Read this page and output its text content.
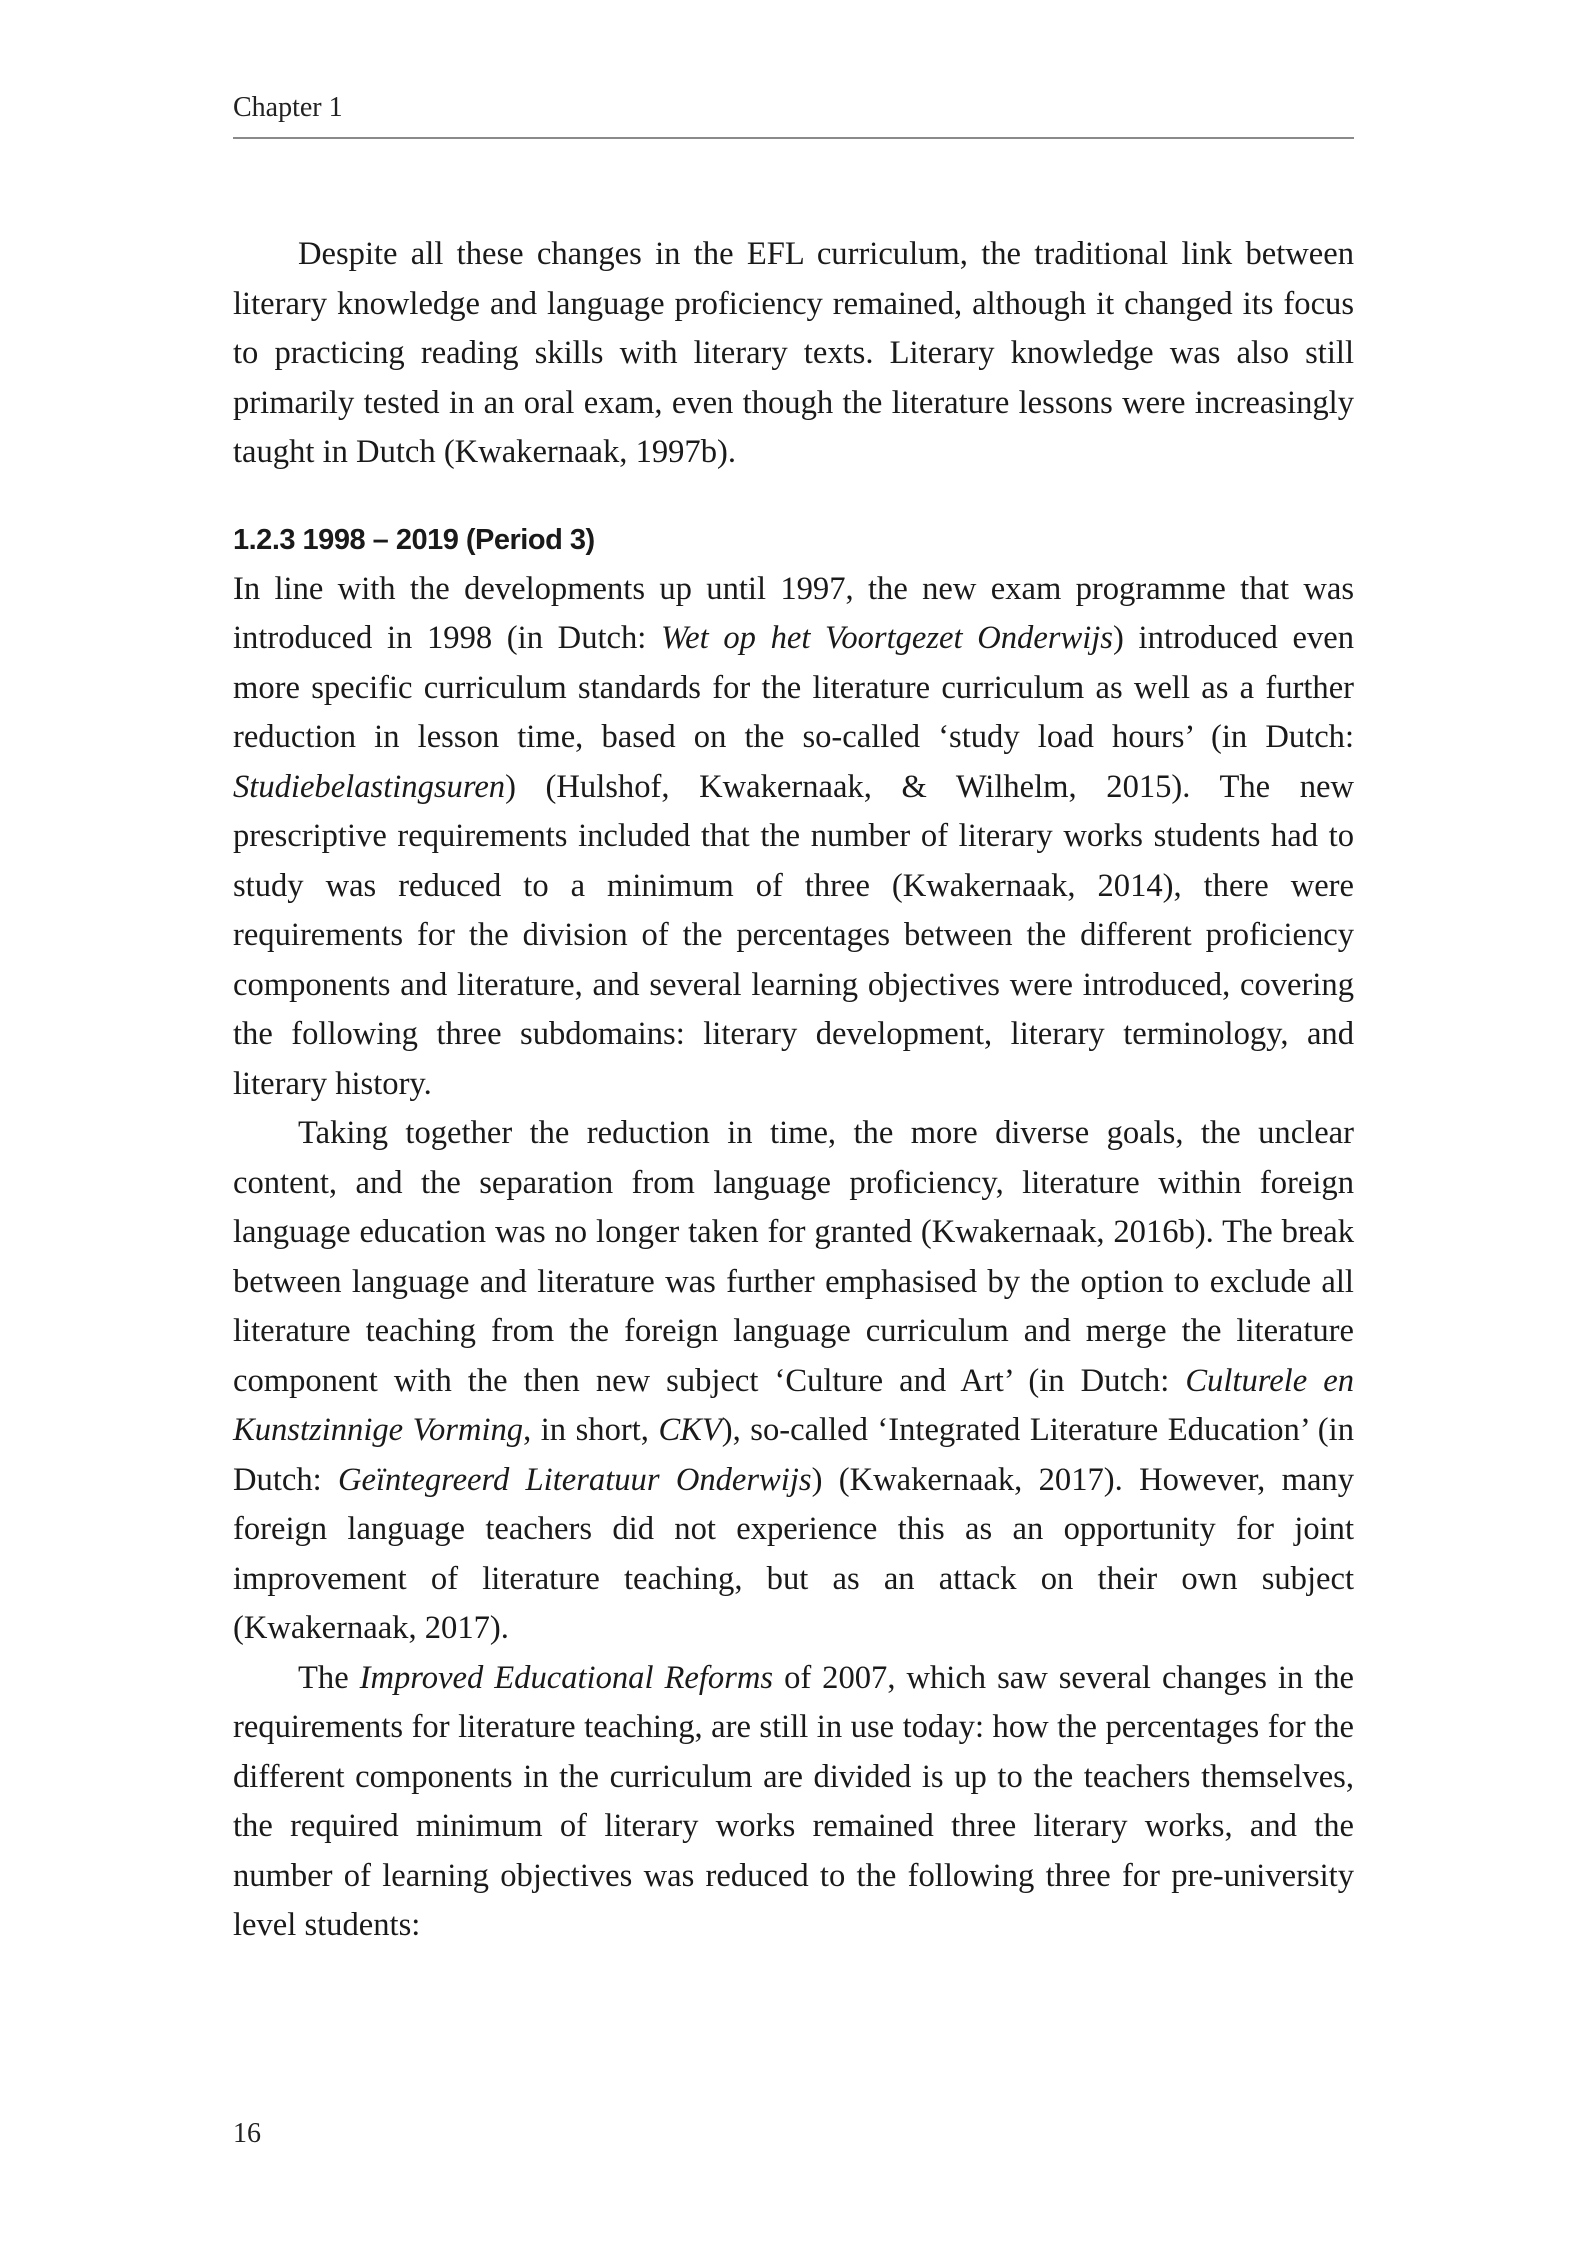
Chapter 1

Despite all these changes in the EFL curriculum, the traditional link between literary knowledge and language proficiency remained, although it changed its focus to practicing reading skills with literary texts. Literary knowledge was also still primarily tested in an oral exam, even though the literature lessons were increasingly taught in Dutch (Kwakernaak, 1997b).

1.2.3 1998 – 2019 (Period 3)

In line with the developments up until 1997, the new exam programme that was introduced in 1998 (in Dutch: Wet op het Voortgezet Onderwijs) introduced even more specific curriculum standards for the literature curriculum as well as a further reduction in lesson time, based on the so-called ‘study load hours’ (in Dutch: Studiebelastingsuren) (Hulshof, Kwakernaak, & Wilhelm, 2015). The new prescriptive requirements included that the number of literary works students had to study was reduced to a minimum of three (Kwakernaak, 2014), there were requirements for the division of the percentages between the different proficiency components and literature, and several learning objectives were introduced, covering the following three subdomains: literary development, literary terminology, and literary history.

Taking together the reduction in time, the more diverse goals, the unclear content, and the separation from language proficiency, literature within foreign language education was no longer taken for granted (Kwakernaak, 2016b). The break between language and literature was further emphasised by the option to exclude all literature teaching from the foreign language curriculum and merge the literature component with the then new subject ‘Culture and Art’ (in Dutch: Culturele en Kunstzinnige Vorming, in short, CKV), so-called ‘Integrated Literature Education’ (in Dutch: Geïntegreerd Literatuur Onderwijs) (Kwakernaak, 2017). However, many foreign language teachers did not experience this as an opportunity for joint improvement of literature teaching, but as an attack on their own subject (Kwakernaak, 2017).

The Improved Educational Reforms of 2007, which saw several changes in the requirements for literature teaching, are still in use today: how the percentages for the different components in the curriculum are divided is up to the teachers themselves, the required minimum of literary works remained three literary works, and the number of learning objectives was reduced to the following three for pre-university level students:

16
